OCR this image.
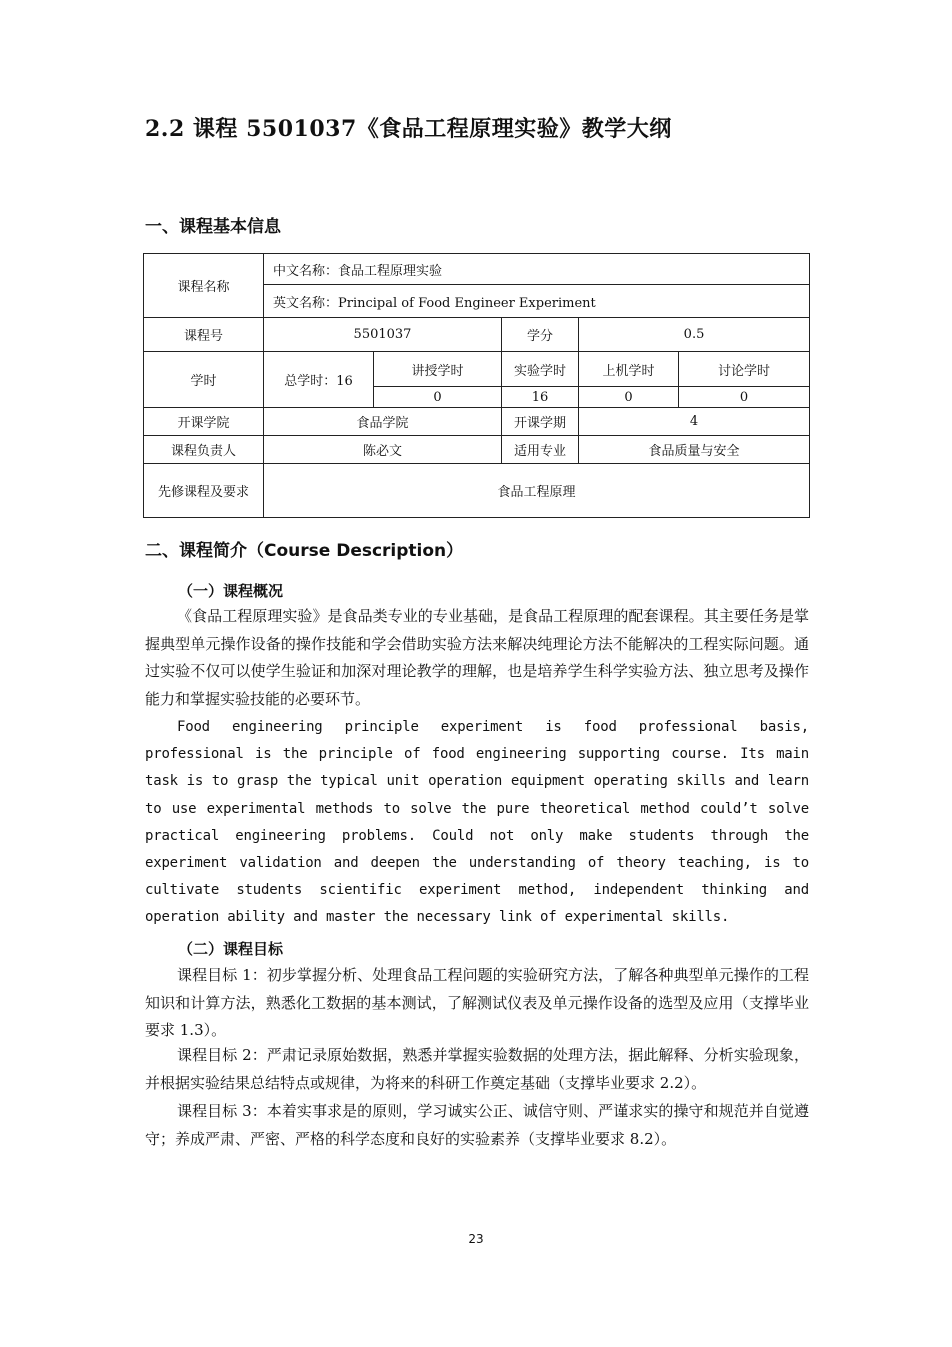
2.2 课程 5501037《食品工程原理实验》教学大纲
一、课程基本信息
课程名称	中文名称：食品工程原理实验				
	英文名称：Principal of Food Engineer Experiment				
课程号	5501037		学分	0.5	
学时	总学时：16	讲授学时	实验学时	上机学时	讨论学时
		0	16	0	0
开课学院	食品学院		开课学期	4	
课程负责人	陈必文		适用专业	食品质量与安全	
先修课程及要求	食品工程原理				
二、课程简介（Course Description）
（一）课程概况
《食品工程原理实验》是食品类专业的专业基础，是食品工程原理的配套课程。其主要任务是掌握典型单元操作设备的操作技能和学会借助实验方法来解决纯理论方法不能解决的工程实际问题。通过实验不仅可以使学生验证和加深对理论教学的理解，也是培养学生科学实验方法、独立思考及操作能力和掌握实验技能的必要环节。
Food engineering principle experiment is food professional basis, professional is the principle of food engineering supporting course. Its main task is to grasp the typical unit operation equipment operating skills and learn to use experimental methods to solve the pure theoretical method could’t solve practical engineering problems. Could not only make students through the experiment validation and deepen the understanding of theory teaching, is to cultivate students scientific experiment method, independent thinking and operation ability and master the necessary link of experimental skills.
（二）课程目标
课程目标 1：初步掌握分析、处理食品工程问题的实验研究方法，了解各种典型单元操作的工程知识和计算方法，熟悉化工数据的基本测试，了解测试仪表及单元操作设备的选型及应用（支撑毕业要求 1.3）。
课程目标 2：严肃记录原始数据，熟悉并掌握实验数据的处理方法，据此解释、分析实验现象，并根据实验结果总结特点或规律，为将来的科研工作奠定基础（支撑毕业要求 2.2）。
课程目标 3：本着实事求是的原则，学习诚实公正、诚信守则、严谨求实的操守和规范并自觉遵守；养成严肃、严密、严格的科学态度和良好的实验素养（支撑毕业要求 8.2）。
23
